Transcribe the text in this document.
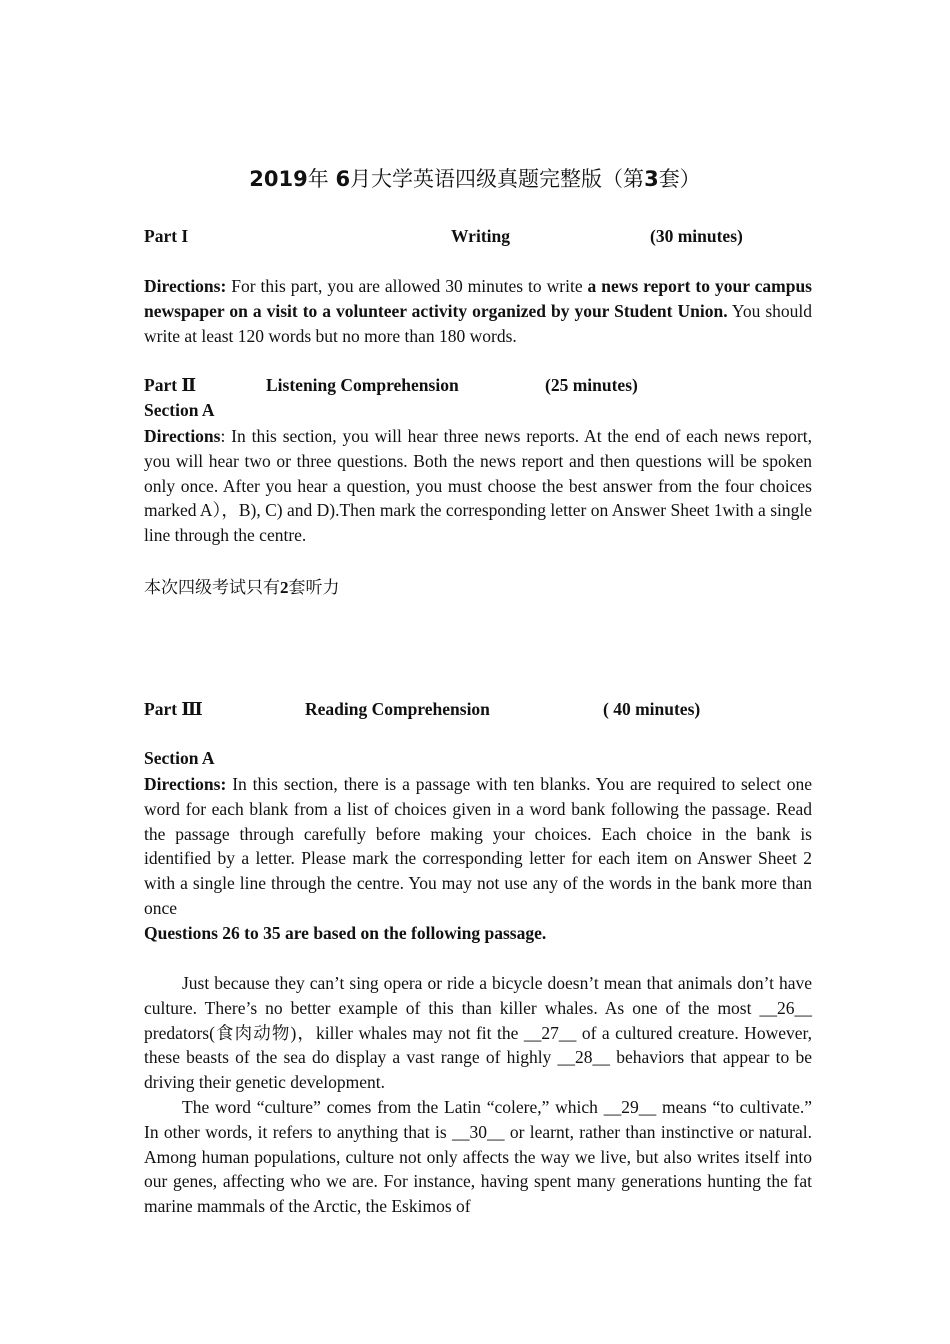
2019年 6月大学英语四级真题完整版（第3套）
Part I	Writing	(30 minutes)
Directions: For this part, you are allowed 30 minutes to write a news report to your campus newspaper on a visit to a volunteer activity organized by your Student Union. You should write at least 120 words but no more than 180 words.
Part Ⅱ	Listening Comprehension	(25 minutes)
Section A
Directions: In this section, you will hear three news reports. At the end of each news report, you will hear two or three questions. Both the news report and then questions will be spoken only once. After you hear a question, you must choose the best answer from the four choices marked A），B), C) and D).Then mark the corresponding letter on Answer Sheet 1with a single line through the centre.
本次四级考试只有2套听力
Part Ⅲ	Reading Comprehension	( 40 minutes)
Section A
Directions: In this section, there is a passage with ten blanks. You are required to select one word for each blank from a list of choices given in a word bank following the passage. Read the passage through carefully before making your choices. Each choice in the bank is identified by a letter. Please mark the corresponding letter for each item on Answer Sheet 2 with a single line through the centre. You may not use any of the words in the bank more than once
Questions 26 to 35 are based on the following passage.
Just because they can’t sing opera or ride a bicycle doesn’t mean that animals don’t have culture. There’s no better example of this than killer whales. As one of the most __26__ predators(食肉动物)，killer whales may not fit the __27__ of a cultured creature. However, these beasts of the sea do display a vast range of highly __28__ behaviors that appear to be driving their genetic development.
The word “culture” comes from the Latin “colere,” which __29__ means “to cultivate.” In other words, it refers to anything that is __30__ or learnt, rather than instinctive or natural. Among human populations, culture not only affects the way we live, but also writes itself into our genes, affecting who we are. For instance, having spent many generations hunting the fat marine mammals of the Arctic, the Eskimos of
